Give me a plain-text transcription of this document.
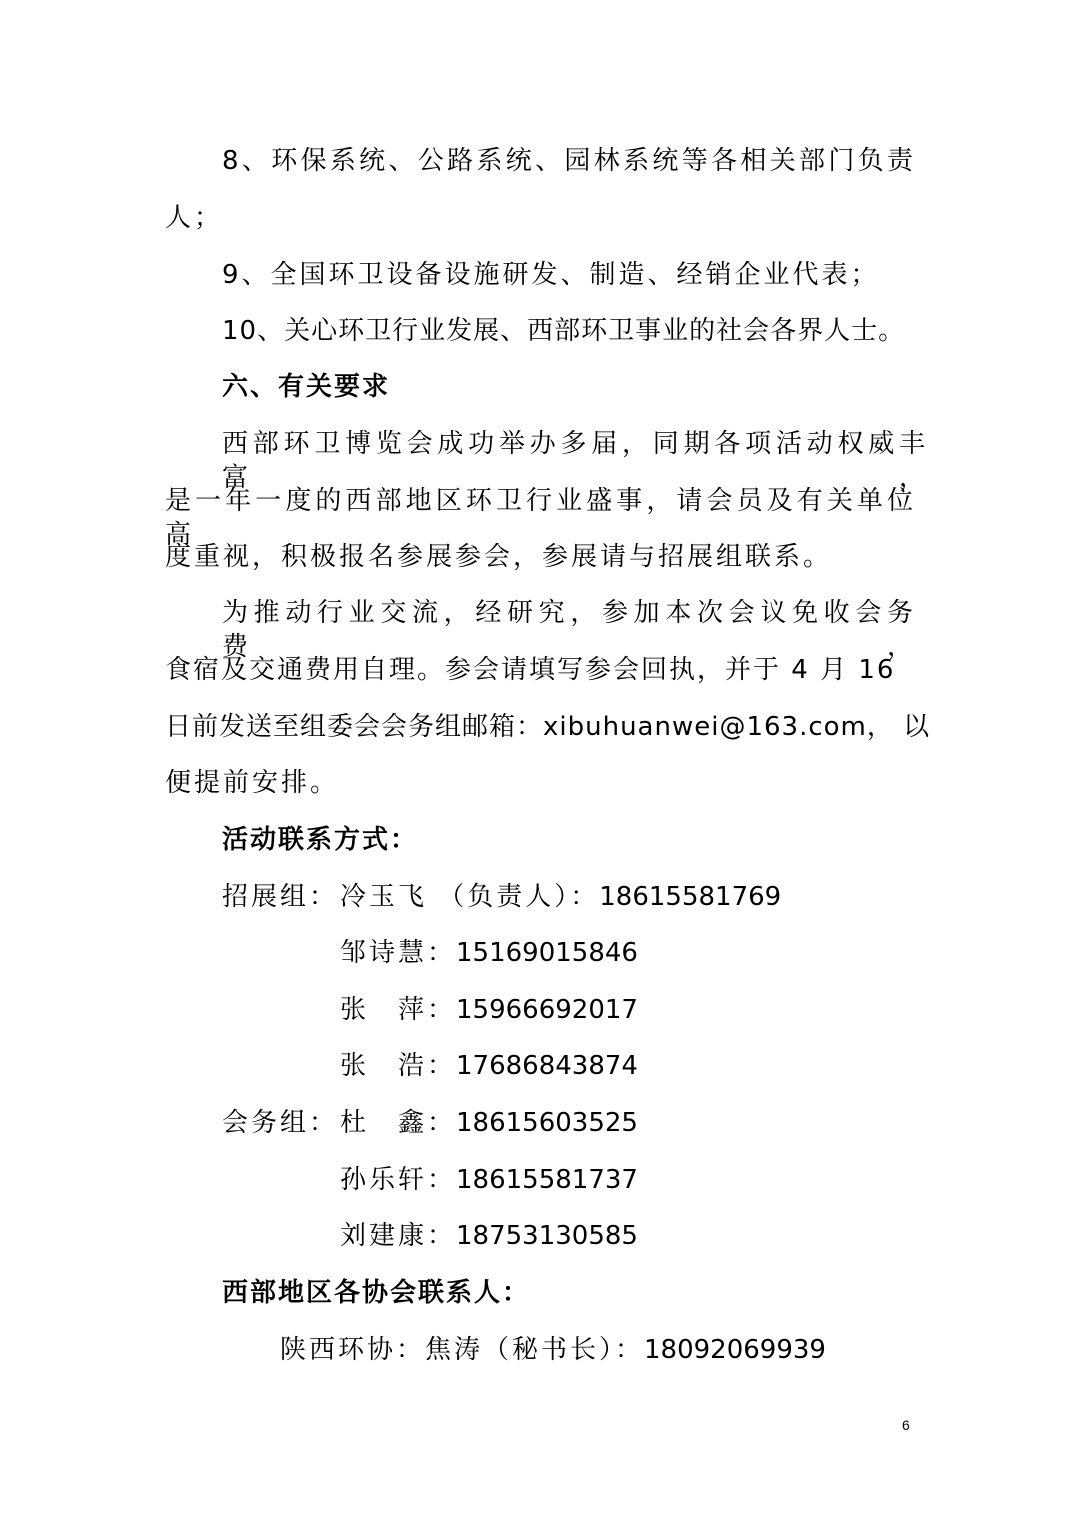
8、环保系统、公路系统、园林系统等各相关部门负责
人；
9、全国环卫设备设施研发、制造、经销企业代表；
10、关心环卫行业发展、西部环卫事业的社会各界人士。
六、有关要求
西部环卫博览会成功举办多届，同期各项活动权威丰富，
是一年一度的西部地区环卫行业盛事，请会员及有关单位高
度重视，积极报名参展参会，参展请与招展组联系。
为推动行业交流，经研究，参加本次会议免收会务费，
食宿及交通费用自理。参会请填写参会回执，并于 4 月 16
日前发送至组委会会务组邮箱：xibuhuanwei@163.com， 以
便提前安排。
活动联系方式：
招展组： 冷玉飞 （负责人）：18615581769
邹诗慧：15169015846
张　萍：15966692017
张　浩：17686843874
会务组： 杜　鑫：18615603525
孙乐轩：18615581737
刘建康：18753130585
西部地区各协会联系人：
陕西环协：焦涛（秘书长）：18092069939
6
